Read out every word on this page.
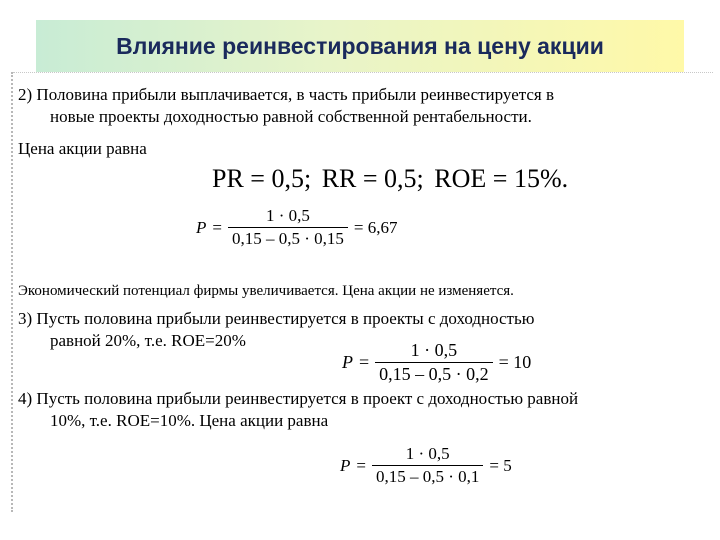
Влияние реинвестирования на цену акции
2) Половина прибыли выплачивается, в часть прибыли реинвестируется в
новые проекты доходностью равной собственной рентабельности.
Цена акции равна
PR = 0,5; RR = 0,5; ROE = 15%.
$P = \frac{1 \cdot 0,5}{0,15 - 0,5 \cdot 0,15} = 6,67$
Экономический потенциал фирмы увеличивается. Цена акции не изменяется.
3) Пусть половина прибыли реинвестируется в проекты с доходностью
равной 20%, т.е. ROE=20%
$P = \frac{1 \cdot 0,5}{0,15 - 0,5 \cdot 0,2} = 10$
4) Пусть половина прибыли реинвестируется в проект с доходностью равной
10%, т.е. ROE=10%. Цена акции равна
$P = \frac{1 \cdot 0,5}{0,15 - 0,5 \cdot 0,1} = 5$
